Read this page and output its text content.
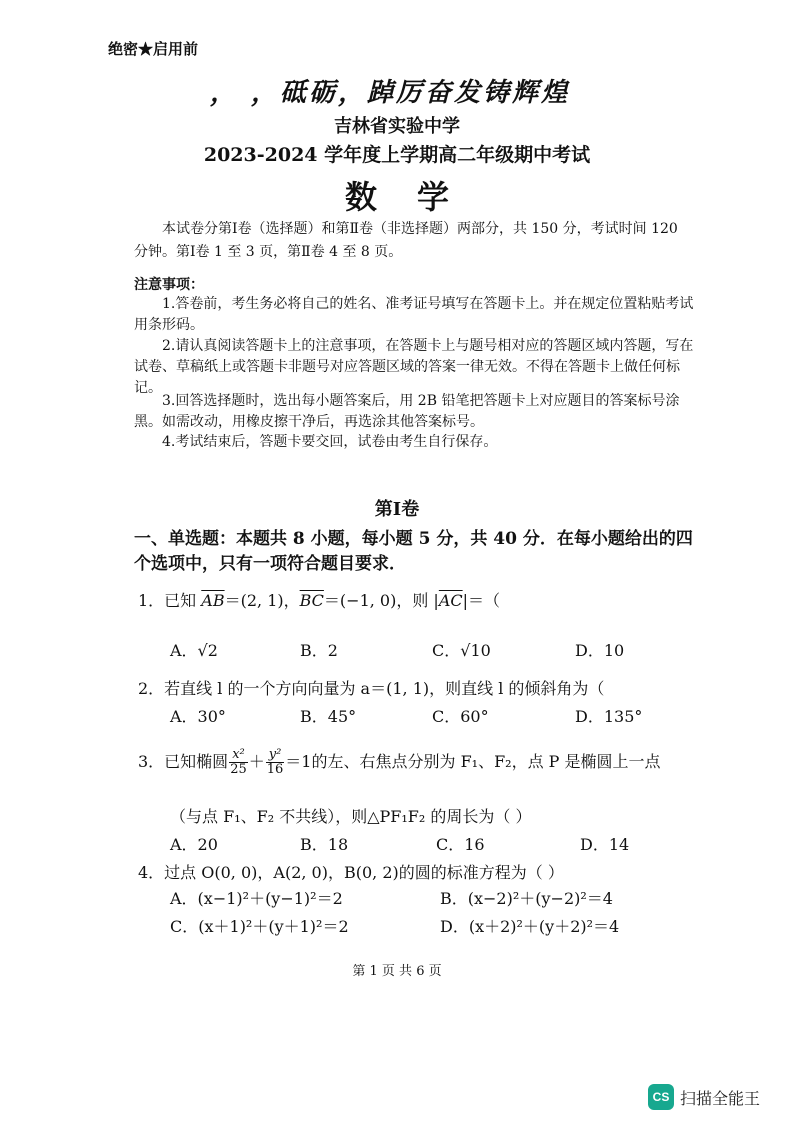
绝密★启用前
， ，砥砺，踔厉奋发铸辉煌
吉林省实验中学
2023-2024 学年度上学期高二年级期中考试
数学
本试卷分第Ⅰ卷（选择题）和第Ⅱ卷（非选择题）两部分，共 150 分，考试时间 120 分钟。第Ⅰ卷 1 至 3 页，第Ⅱ卷 4 至 8 页。
注意事项：
1.答卷前，考生务必将自己的姓名、准考证号填写在答题卡上。并在规定位置粘贴考试用条形码。
2.请认真阅读答题卡上的注意事项，在答题卡上与题号相对应的答题区域内答题，写在试卷、草稿纸上或答题卡非题号对应答题区域的答案一律无效。不得在答题卡上做任何标记。
3.回答选择题时，选出每小题答案后，用 2B 铅笔把答题卡上对应题目的答案标号涂黑。如需改动，用橡皮擦干净后，再选涂其他答案标号。
4.考试结束后，答题卡要交回，试卷由考生自行保存。
第Ⅰ卷
一、单选题：本题共 8 小题，每小题 5 分，共 40 分．在每小题给出的四个选项中，只有一项符合题目要求．
1．已知 $\overline{AB}=(2$, 1)，$\overline{BC}=(-1$, 0)，则 $|\overline{AC}|=$（
A．√2	B．2	C．√10	D．10
2．若直线 l 的一个方向向量为 a＝(1, 1)，则直线 l 的倾斜角为（
A．30°	B．45°	C．60°	D．135°
3．已知椭圆 $\frac{\text{x²}}{25} + \frac{\text{y²}}{16} =1$的左、右焦点分别为 F₁、F₂，点 P 是椭圆上一点
（与点 F₁、F₂ 不共线），则△PF₁F₂ 的周长为（ ）
A．20	B．18	C．16	D．14
4．过点 O(0, 0)，A(2, 0)，B(0, 2)的圆的标准方程为（ ）
A．(x−1)²＋(y−1)²＝2	B．(x−2)²＋(y−2)²＝4
C．(x＋1)²＋(y＋1)²＝2	D．(x＋2)²＋(y＋2)²＝4
第 1 页 共 6 页
CS 扫描全能王
